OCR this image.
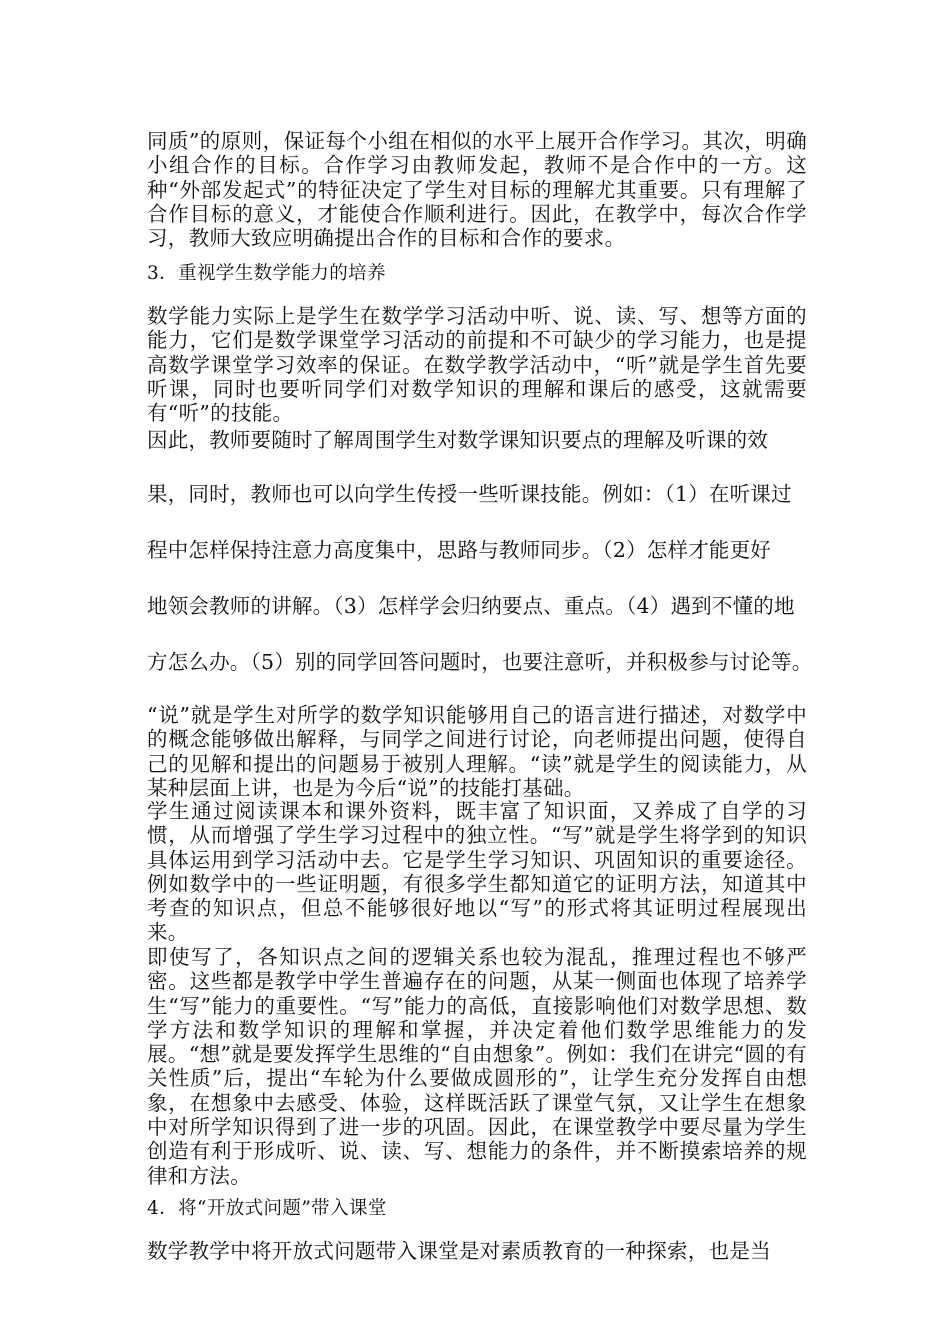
同质”的原则，保证每个小组在相似的水平上展开合作学习。其次，明确小组合作的目标。合作学习由教师发起，教师不是合作中的一方。这种“外部发起式”的特征决定了学生对目标的理解尤其重要。只有理解了合作目标的意义，才能使合作顺利进行。因此，在教学中，每次合作学习，教师大致应明确提出合作的目标和合作的要求。
3．重视学生数学能力的培养
数学能力实际上是学生在数学学习活动中听、说、读、写、想等方面的能力，它们是数学课堂学习活动的前提和不可缺少的学习能力，也是提高数学课堂学习效率的保证。在数学教学活动中，“听”就是学生首先要听课，同时也要听同学们对数学知识的理解和课后的感受，这就需要有“听”的技能。
因此，教师要随时了解周围学生对数学课知识要点的理解及听课的效
果，同时，教师也可以向学生传授一些听课技能。例如：（1）在听课过
程中怎样保持注意力高度集中，思路与教师同步。（2）怎样才能更好
地领会教师的讲解。（3）怎样学会归纳要点、重点。（4）遇到不懂的地
方怎么办。（5）别的同学回答问题时，也要注意听，并积极参与讨论等。
“说”就是学生对所学的数学知识能够用自己的语言进行描述，对数学中的概念能够做出解释，与同学之间进行讨论，向老师提出问题，使得自己的见解和提出的问题易于被别人理解。“读”就是学生的阅读能力，从某种层面上讲，也是为今后“说”的技能打基础。
学生通过阅读课本和课外资料，既丰富了知识面，又养成了自学的习惯，从而增强了学生学习过程中的独立性。“写”就是学生将学到的知识具体运用到学习活动中去。它是学生学习知识、巩固知识的重要途径。例如数学中的一些证明题，有很多学生都知道它的证明方法，知道其中考查的知识点，但总不能够很好地以“写”的形式将其证明过程展现出来。
即使写了，各知识点之间的逻辑关系也较为混乱，推理过程也不够严密。这些都是教学中学生普遍存在的问题，从某一侧面也体现了培养学生“写”能力的重要性。“写”能力的高低，直接影响他们对数学思想、数学方法和数学知识的理解和掌握，并决定着他们数学思维能力的发展。“想”就是要发挥学生思维的“自由想象”。例如：我们在讲完“圆的有关性质”后，提出“车轮为什么要做成圆形的”，让学生充分发挥自由想象，在想象中去感受、体验，这样既活跃了课堂气氛，又让学生在想象中对所学知识得到了进一步的巩固。因此，在课堂教学中要尽量为学生创造有利于形成听、说、读、写、想能力的条件，并不断摸索培养的规律和方法。
4．将“开放式问题”带入课堂
数学教学中将开放式问题带入课堂是对素质教育的一种探索，也是当
